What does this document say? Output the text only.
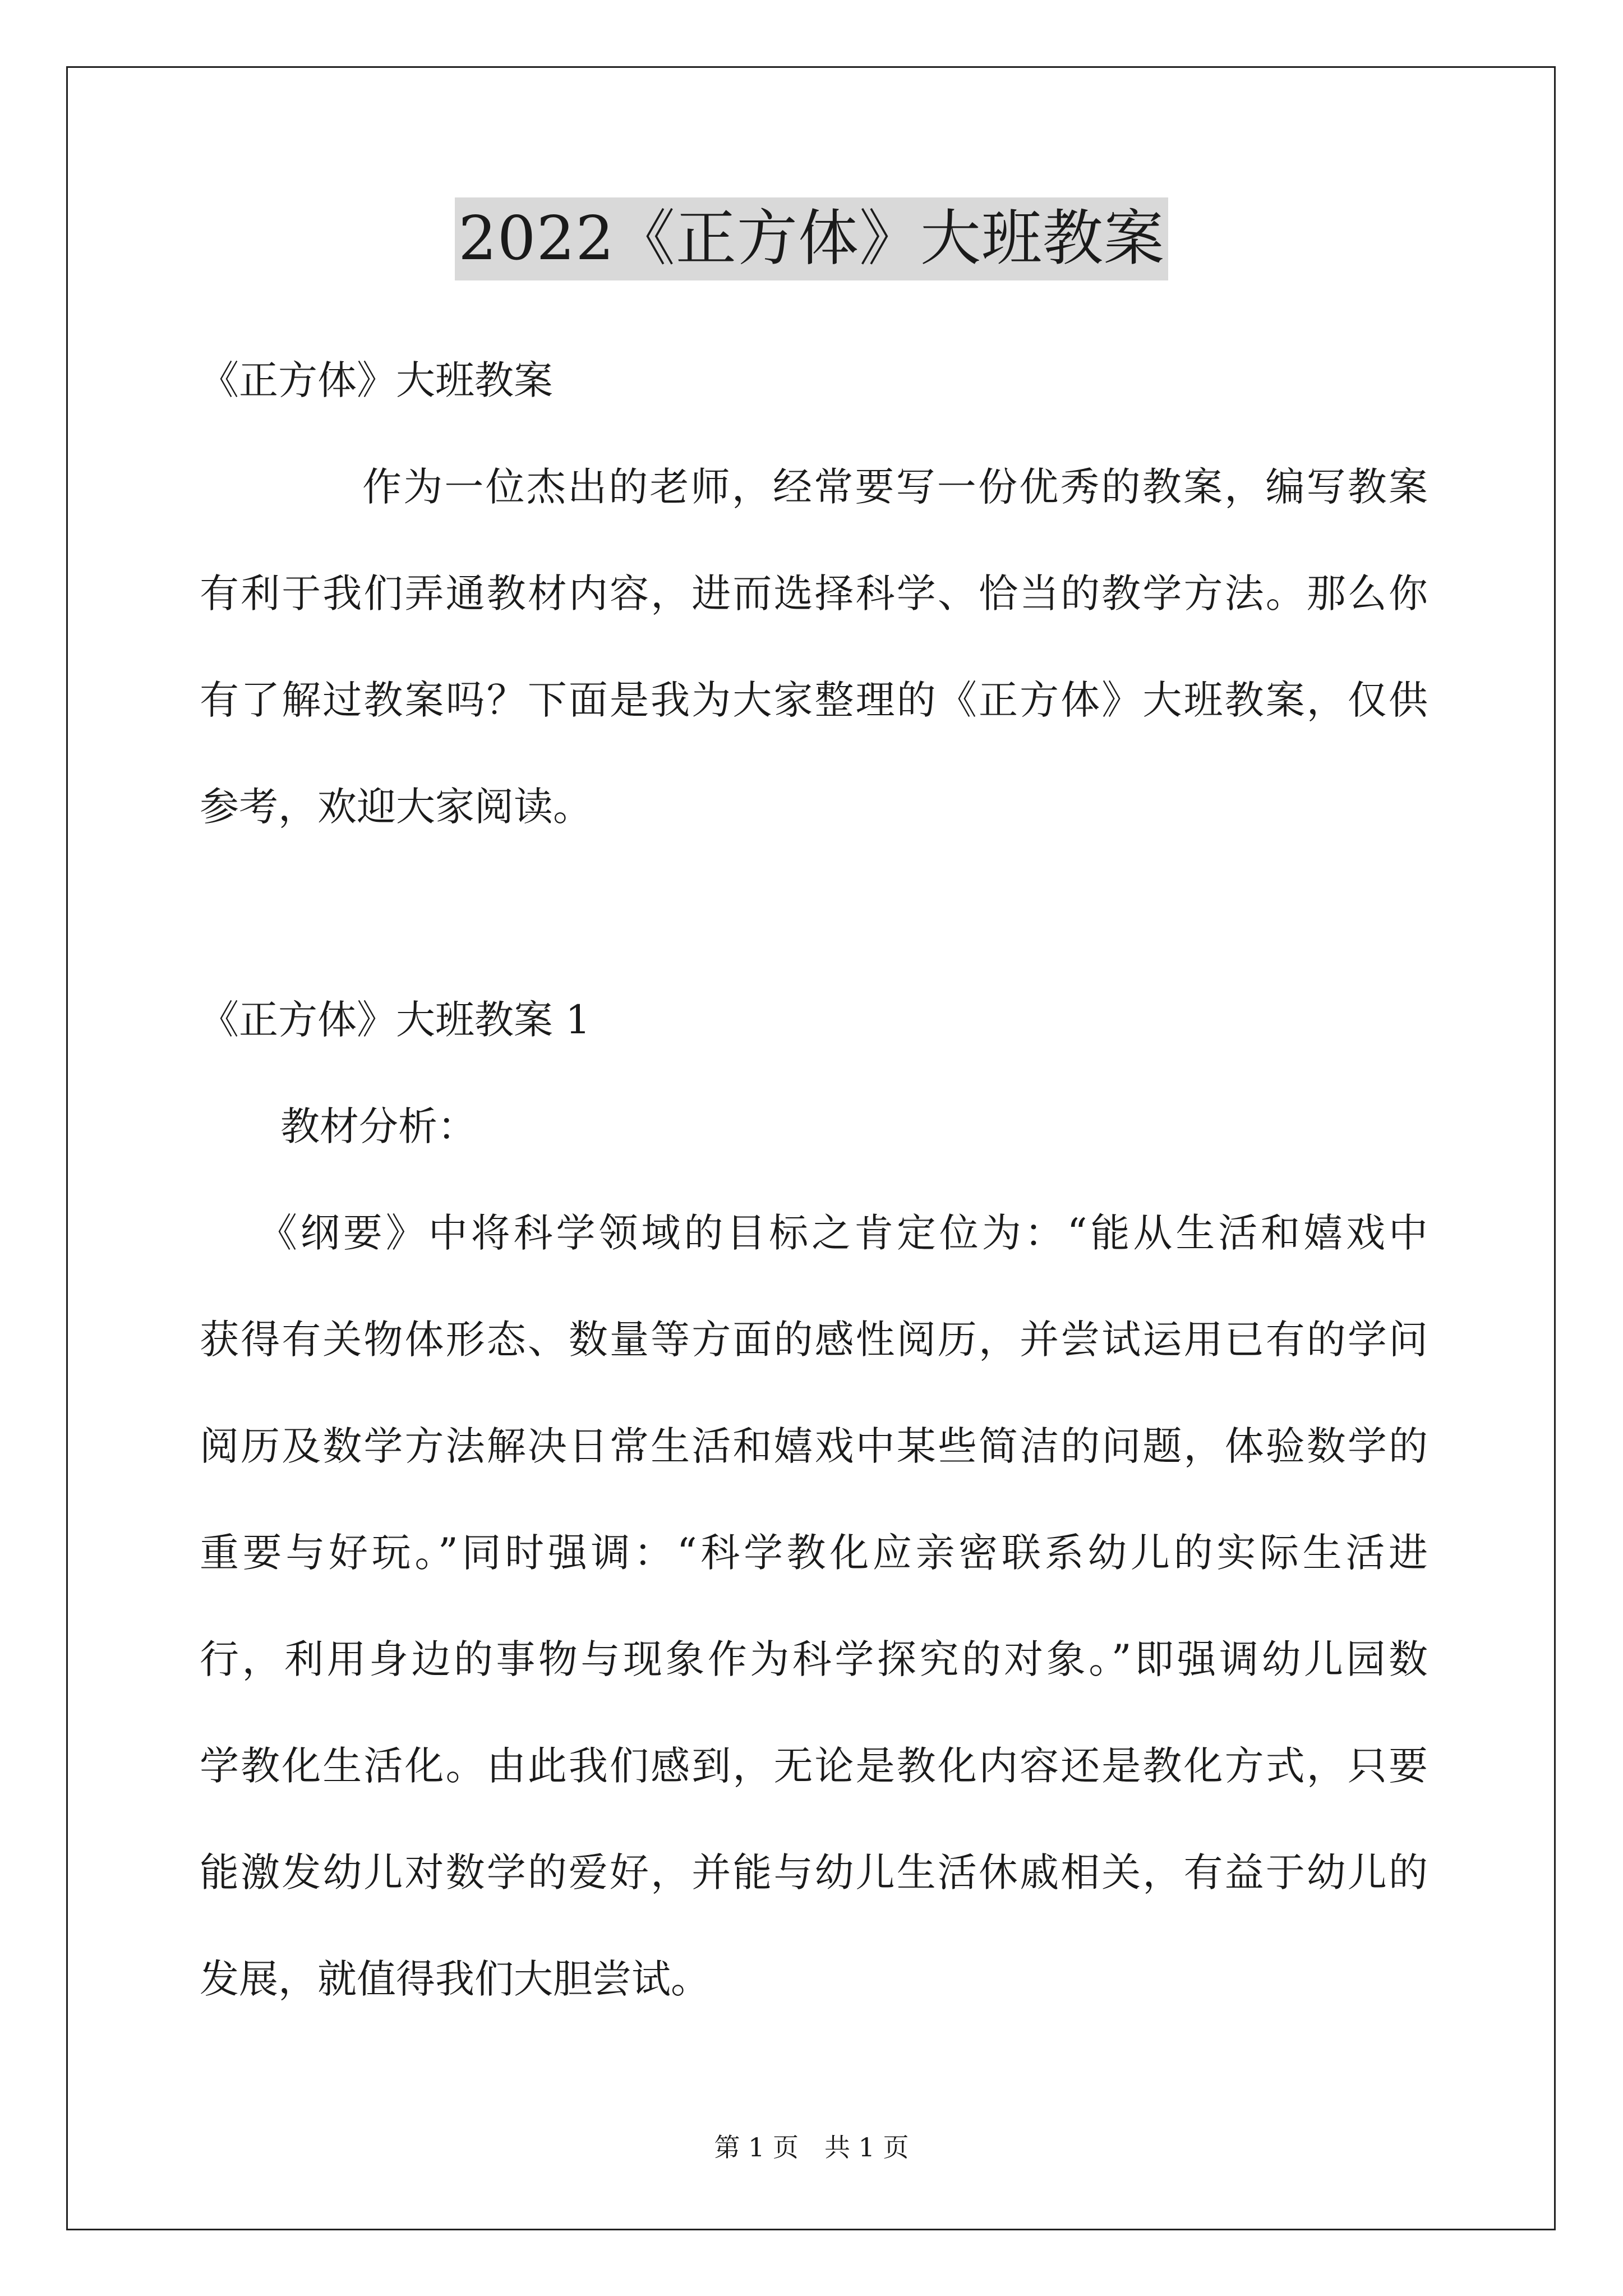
2022《正方体》大班教案
《正方体》大班教案
作为一位杰出的老师，经常要写一份优秀的教案，编写教案
有利于我们弄通教材内容，进而选择科学、恰当的教学方法。那么你
有了解过教案吗？下面是我为大家整理的《正方体》大班教案，仅供
参考，欢迎大家阅读。
《正方体》大班教案 1
教材分析：
《纲要》中将科学领域的目标之肯定位为：“能从生活和嬉戏中
获得有关物体形态、数量等方面的感性阅历，并尝试运用已有的学问
阅历及数学方法解决日常生活和嬉戏中某些简洁的问题，体验数学的
重要与好玩。”同时强调：“科学教化应亲密联系幼儿的实际生活进
行，利用身边的事物与现象作为科学探究的对象。”即强调幼儿园数
学教化生活化。由此我们感到，无论是教化内容还是教化方式，只要
能激发幼儿对数学的爱好，并能与幼儿生活休戚相关，有益于幼儿的
发展，就值得我们大胆尝试。
第 1 页　共 1 页
